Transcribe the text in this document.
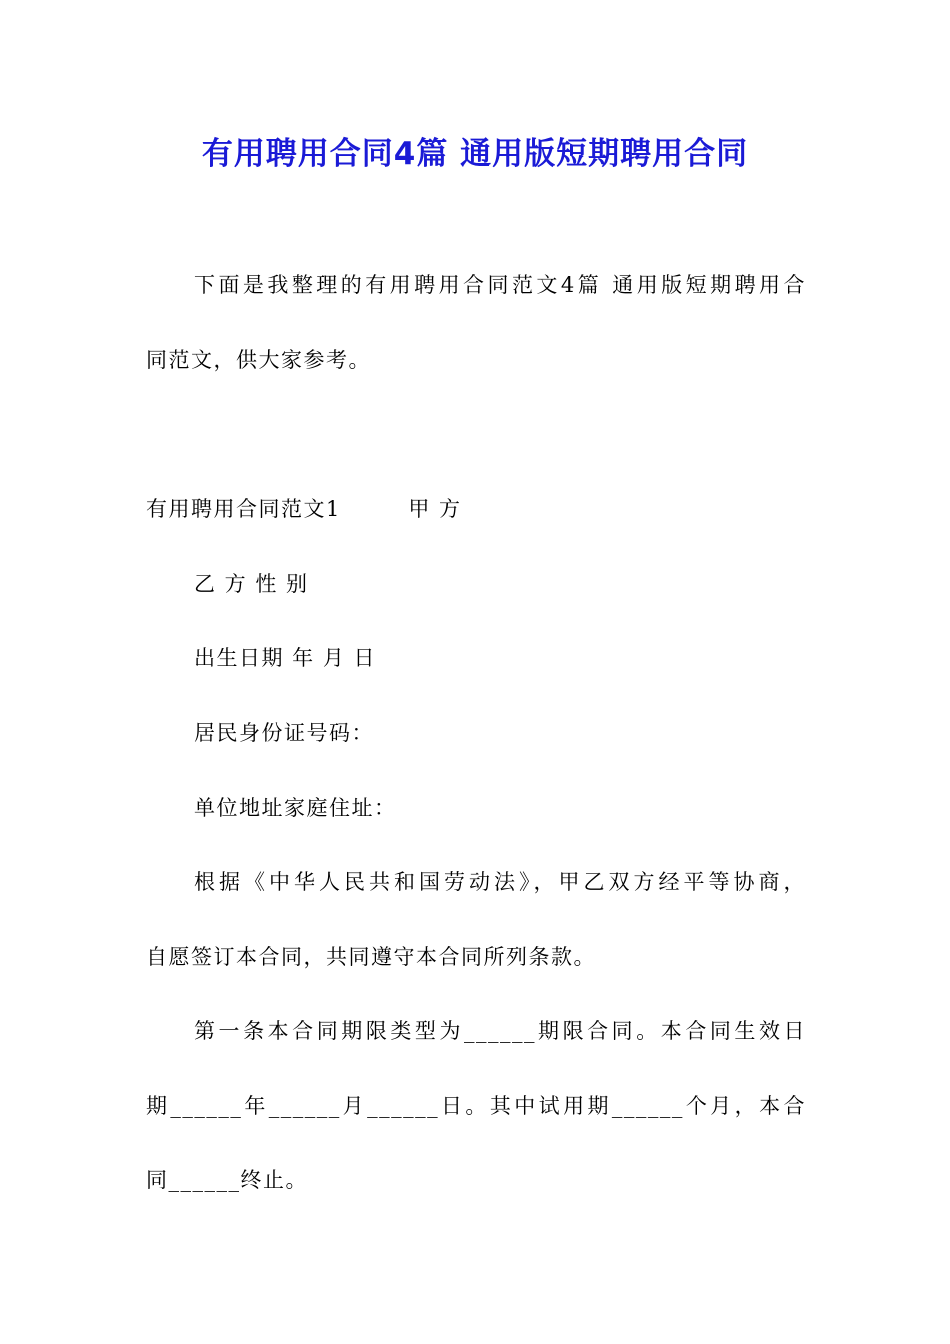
有用聘用合同4篇 通用版短期聘用合同
下面是我整理的有用聘用合同范文4篇 通用版短期聘用合
同范文，供大家参考。
有用聘用合同范文1　　　甲 方
乙 方 性 别
出生日期 年 月 日
居民身份证号码：
单位地址家庭住址：
根据《中华人民共和国劳动法》，甲乙双方经平等协商，
自愿签订本合同，共同遵守本合同所列条款。
第一条本合同期限类型为______期限合同。本合同生效日
期______年______月______日。其中试用期______个月，本合
同______终止。
